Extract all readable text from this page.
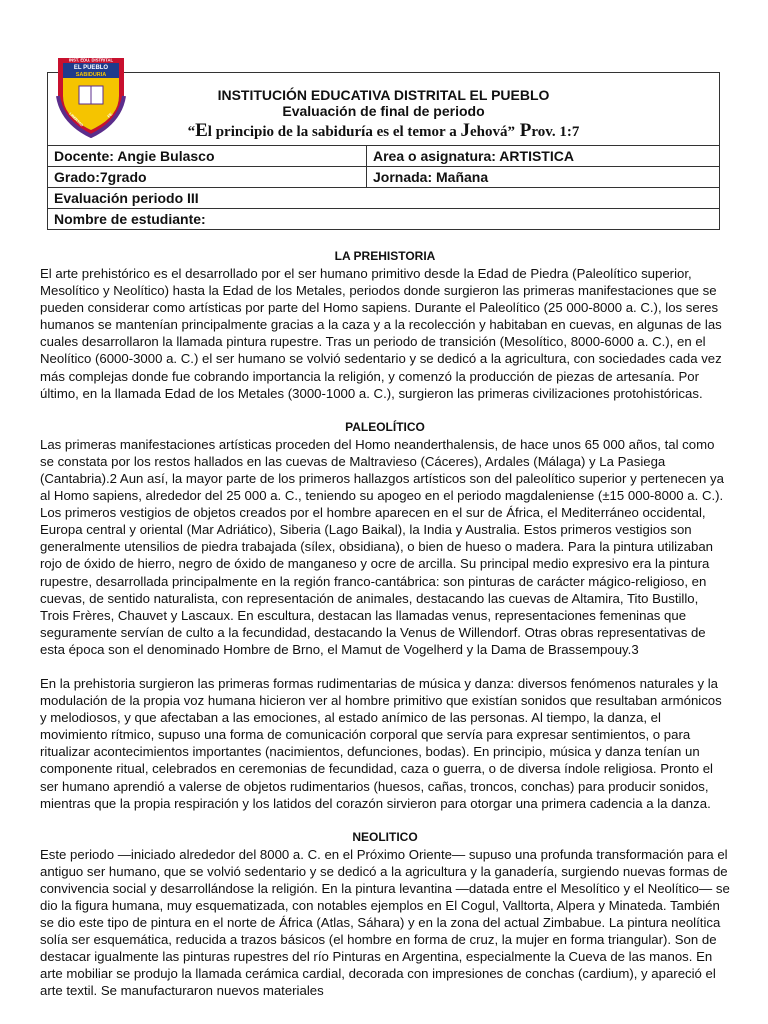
INSTITUCIÓN EDUCATIVA DISTRITAL EL PUEBLO
Evaluación de final de periodo
“El principio de la sabiduría es el temor a Jehová” Prov. 1:7	

Docente: Angie Bulasco	Area o asignatura: ARTISTICA
Grado:7grado	Jornada: Mañana
Evaluación periodo III	
Nombre de estudiante:	
INST. EDU. DISTRITAL
EL PUEBLO
SABIDURIA
LIBERTAD	FE
LA PREHISTORIA

El arte prehistórico es el desarrollado por el ser humano primitivo desde la Edad de Piedra (Paleolítico superior, Mesolítico y Neolítico) hasta la Edad de los Metales, periodos donde surgieron las primeras manifestaciones que se pueden considerar como artísticas por parte del Homo sapiens. Durante el Paleolítico (25 000-8000 a. C.), los seres humanos se mantenían principalmente gracias a la caza y a la recolección y habitaban en cuevas, en algunas de las cuales desarrollaron la llamada pintura rupestre. Tras un periodo de transición (Mesolítico, 8000-6000 a. C.), en el Neolítico (6000-3000 a. C.) el ser humano se volvió sedentario y se dedicó a la agricultura, con sociedades cada vez más complejas donde fue cobrando importancia la religión, y comenzó la producción de piezas de artesanía. Por último, en la llamada Edad de los Metales (3000-1000 a. C.), surgieron las primeras civilizaciones protohistóricas.

PALEOLÍTICO

Las primeras manifestaciones artísticas proceden del Homo neanderthalensis, de hace unos 65 000 años, tal como se constata por los restos hallados en las cuevas de Maltravieso (Cáceres), Ardales (Málaga) y La Pasiega (Cantabria).2 Aun así, la mayor parte de los primeros hallazgos artísticos son del paleolítico superior y pertenecen ya al Homo sapiens, alrededor del 25 000 a. C., teniendo su apogeo en el periodo magdaleniense (±15 000-8000 a. C.). Los primeros vestigios de objetos creados por el hombre aparecen en el sur de África, el Mediterráneo occidental, Europa central y oriental (Mar Adriático), Siberia (Lago Baikal), la India y Australia. Estos primeros vestigios son generalmente utensilios de piedra trabajada (sílex, obsidiana), o bien de hueso o madera. Para la pintura utilizaban rojo de óxido de hierro, negro de óxido de manganeso y ocre de arcilla. Su principal medio expresivo era la pintura rupestre, desarrollada principalmente en la región franco-cantábrica: son pinturas de carácter mágico-religioso, en cuevas, de sentido naturalista, con representación de animales, destacando las cuevas de Altamira, Tito Bustillo, Trois Frères, Chauvet y Lascaux. En escultura, destacan las llamadas venus, representaciones femeninas que seguramente servían de culto a la fecundidad, destacando la Venus de Willendorf. Otras obras representativas de esta época son el denominado Hombre de Brno, el Mamut de Vogelherd y la Dama de Brassempouy.3

En la prehistoria surgieron las primeras formas rudimentarias de música y danza: diversos fenómenos naturales y la modulación de la propia voz humana hicieron ver al hombre primitivo que existían sonidos que resultaban armónicos y melodiosos, y que afectaban a las emociones, al estado anímico de las personas. Al tiempo, la danza, el movimiento rítmico, supuso una forma de comunicación corporal que servía para expresar sentimientos, o para ritualizar acontecimientos importantes (nacimientos, defunciones, bodas). En principio, música y danza tenían un componente ritual, celebrados en ceremonias de fecundidad, caza o guerra, o de diversa índole religiosa. Pronto el ser humano aprendió a valerse de objetos rudimentarios (huesos, cañas, troncos, conchas) para producir sonidos, mientras que la propia respiración y los latidos del corazón sirvieron para otorgar una primera cadencia a la danza.

NEOLITICO

Este periodo —iniciado alrededor del 8000 a. C. en el Próximo Oriente— supuso una profunda transformación para el antiguo ser humano, que se volvió sedentario y se dedicó a la agricultura y la ganadería, surgiendo nuevas formas de convivencia social y desarrollándose la religión. En la pintura levantina —datada entre el Mesolítico y el Neolítico— se dio la figura humana, muy esquematizada, con notables ejemplos en El Cogul, Valltorta, Alpera y Minateda. También se dio este tipo de pintura en el norte de África (Atlas, Sáhara) y en la zona del actual Zimbabue. La pintura neolítica solía ser esquemática, reducida a trazos básicos (el hombre en forma de cruz, la mujer en forma triangular). Son de destacar igualmente las pinturas rupestres del río Pinturas en Argentina, especialmente la Cueva de las manos. En arte mobiliar se produjo la llamada cerámica cardial, decorada con impresiones de conchas (cardium), y apareció el arte textil. Se manufacturaron nuevos materiales
